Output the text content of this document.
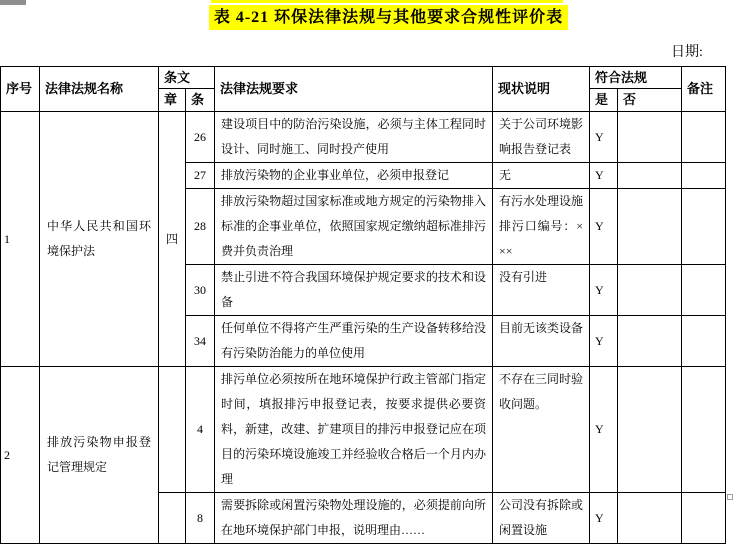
表 4-21 环保法律法规与其他要求合规性评价表
日期:
序号	法律法规名称	条文		法律法规要求	现状说明	符合法规		备注
		章	条			是	否	
1	中华人民共和国环境保护法	四	26	建设项目中的防治污染设施，必须与主体工程同时设计、同时施工、同时投产使用	关于公司环境影响报告登记表	Y		
			27	排放污染物的企业事业单位，必须申报登记	无	Y		
			28	排放污染物超过国家标准或地方规定的污染物排入标准的企事业单位，依照国家规定缴纳超标准排污费并负责治理	有污水处理设施排污口编号：×××	Y		
			30	禁止引进不符合我国环境保护规定要求的技术和设备	没有引进	Y		
			34	任何单位不得将产生严重污染的生产设备转移给没有污染防治能力的单位使用	目前无该类设备	Y		
2	排放污染物申报登记管理规定		4	排污单位必须按所在地环境保护行政主管部门指定时间，填报排污申报登记表，按要求提供必要资料，新建，改建、扩建项目的排污申报登记应在项目的污染环境设施竣工并经验收合格后一个月内办理	不存在三同时验收问题。	Y		
			8	需要拆除或闲置污染物处理设施的，必须提前向所在地环境保护部门申报，说明理由……	公司没有拆除或闲置设施	Y		
